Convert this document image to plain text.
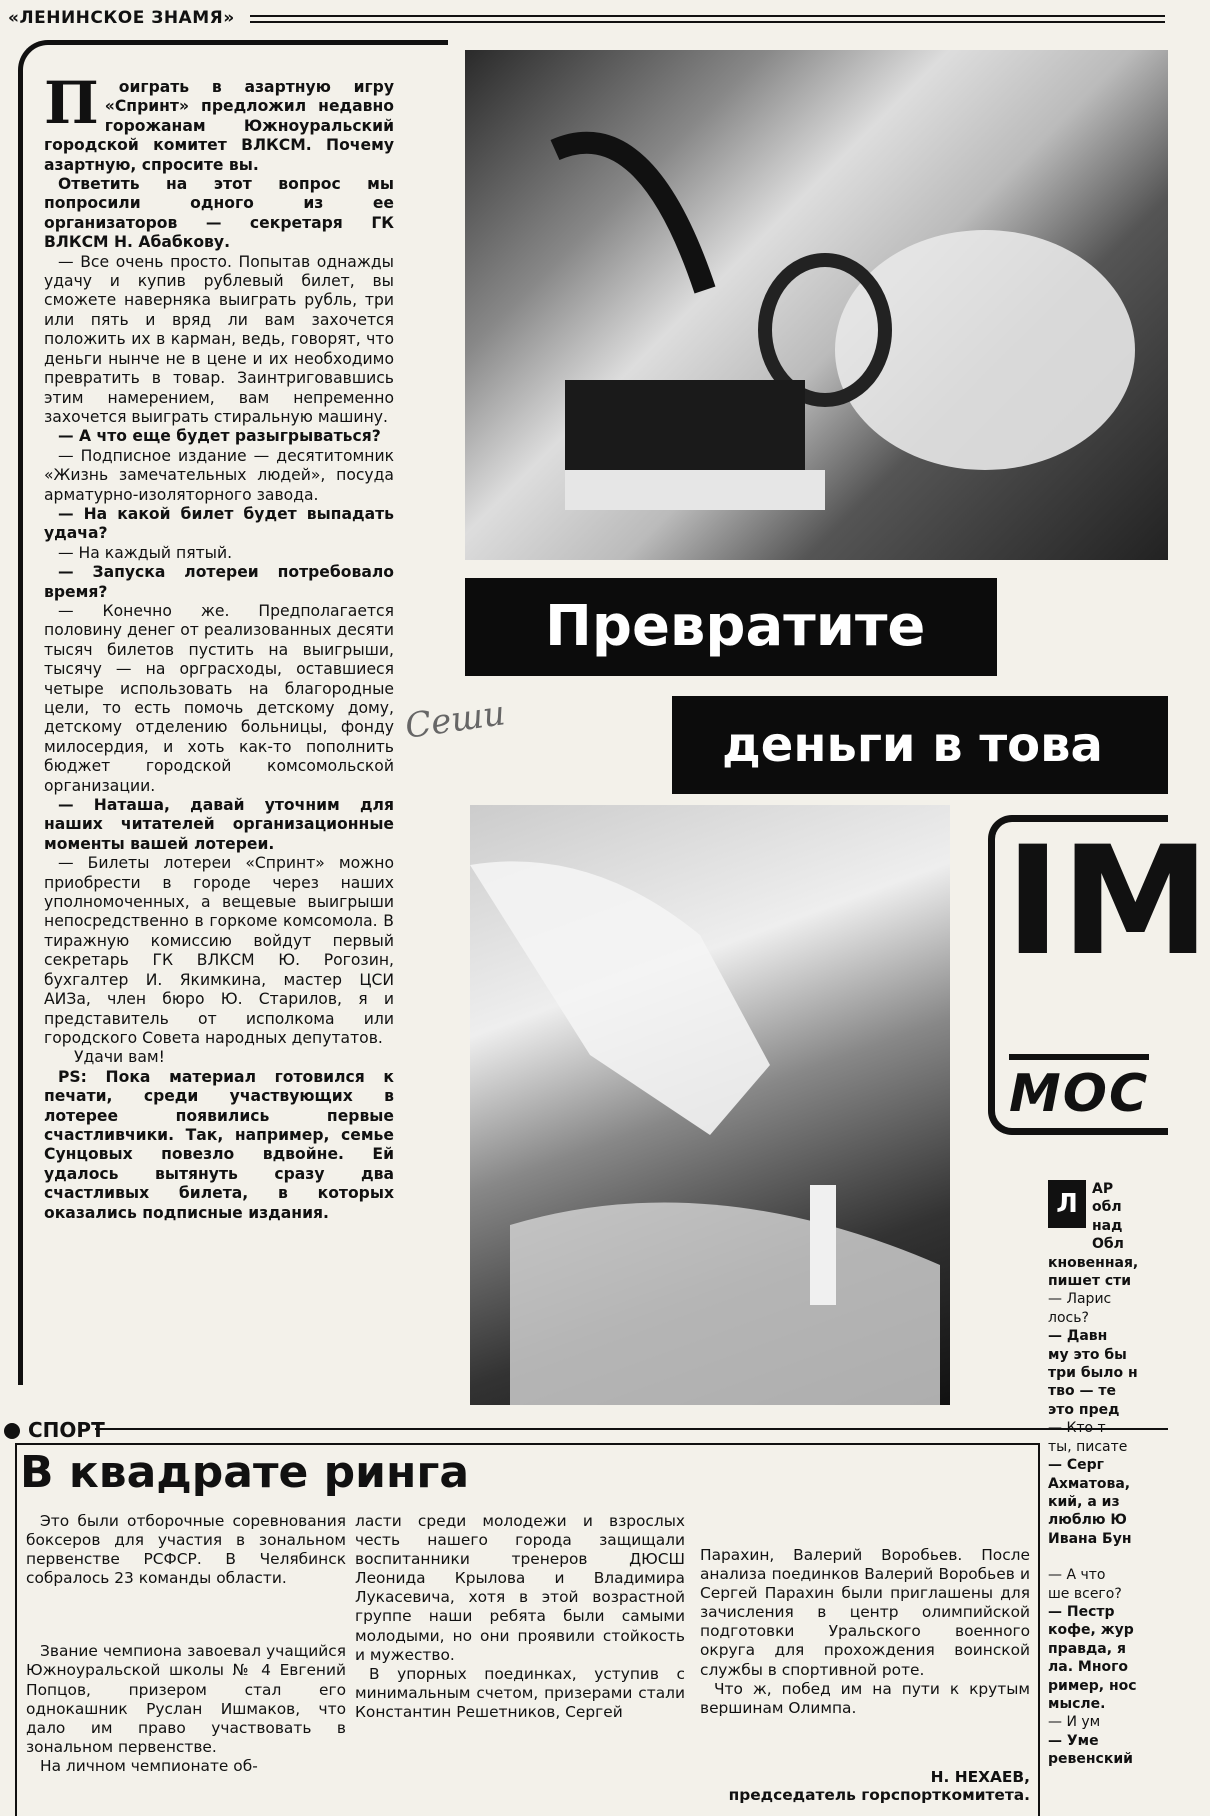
«ЛЕНИНСКОЕ ЗНАМЯ»

П оиграть в азартную игру «Спринт» предложил недавно горожанам Южноуральский городской комитет ВЛКСМ. Почему азартную, спросите вы.

Ответить на этот вопрос мы попросили одного из ее организаторов — секретаря ГК ВЛКСМ Н. Абабкову.

— Все очень просто. Попытав однажды удачу и купив рублевый билет, вы сможете наверняка выиграть рубль, три или пять и вряд ли вам захочется положить их в карман, ведь, говорят, что деньги нынче не в цене и их необходимо превратить в товар. Заинтриговавшись этим намерением, вам непременно захочется выиграть стиральную машину.

— А что еще будет разыгрываться?

— Подписное издание — десятитомник «Жизнь замечательных людей», посуда арматурно-изоляторного завода.

— На какой билет будет выпадать удача?

— На каждый пятый.

— Запуска лотереи потребовало время?

— Конечно же. Предполагается половину денег от реализованных десяти тысяч билетов пустить на выигрыши, тысячу — на орграсходы, оставшиеся четыре использовать на благородные цели, то есть помочь детскому дому, детскому отделению больницы, фонду милосердия, и хоть как-то пополнить бюджет городской комсомольской организации.

— Наташа, давай уточним для наших читателей организационные моменты вашей лотереи.

— Билеты лотереи «Спринт» можно приобрести в городе через наших уполномоченных, а вещевые выигрыши непосредственно в горкоме комсомола. В тиражную комиссию войдут первый секретарь ГК ВЛКСМ Ю. Рогозин, бухгалтер И. Якимкина, мастер ЦСИ АИЗа, член бюро Ю. Старилов, я и представитель от исполкома или городского Совета народных депутатов.

Удачи вам!

PS: Пока материал готовился к печати, среди участвующих в лотерее появились первые счастливчики. Так, например, семье Сунцовых повезло вдвойне. Ей удалось вытянуть сразу два счастливых билета, в которых оказались подписные издания.

Превратите
деньги в това
Сеши
IM
MOC
Л	АР

обл

над

Обл

кновенная,

пишет сти

— Ларис

лось?

— Давн

му это бы

три было н

тво — те

это пред

— Кто т

ты, писате

— Серг

Ахматова,

кий, а из

люблю Ю

Ивана Бун

— А что

ше всего?

— Пестр

кофе, жур

правда, я

ла. Много

ример, нос

мысле.

— И ум

— Уме

ревенский

СПОРТ
В квадрате ринга

Это были отборочные соревнования боксеров для участия в зональном первенстве РСФСР. В Челябинск собралось 23 команды области.

Звание чемпиона завоевал учащийся Южноуральской школы № 4 Евгений Попцов, призером стал его однокашник Руслан Ишмаков, что дало им право участвовать в зональном первенстве.

На личном чемпионате об-

ласти среди молодежи и взрослых честь нашего города защищали воспитанники тренеров ДЮСШ Леонида Крылова и Владимира Лукасевича, хотя в этой возрастной группе наши ребята были самыми молодыми, но они проявили стойкость и мужество.

В упорных поединках, уступив с минимальным счетом, призерами стали Константин Решетников, Сергей

Парахин, Валерий Воробьев. После анализа поединков Валерий Воробьев и Сергей Парахин были приглашены для зачисления в центр олимпийской подготовки Уральского военного округа для прохождения воинской службы в спортивной роте.

Что ж, побед им на пути к крутым вершинам Олимпа.

Н. НЕХАЕВ,
председатель горспорткомитета.
